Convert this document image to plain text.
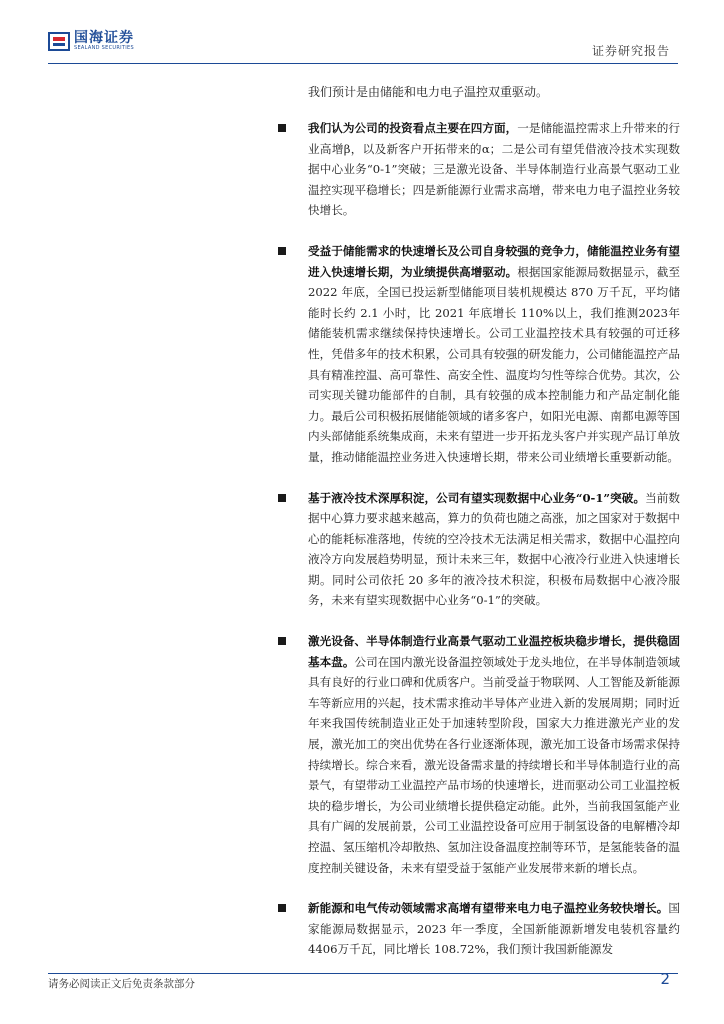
国海证券
SEALAND SECURITIES	证券研究报告
我们预计是由储能和电力电子温控双重驱动。
我们认为公司的投资看点主要在四方面，一是储能温控需求上升带来的行业高增β，以及新客户开拓带来的α；二是公司有望凭借液冷技术实现数据中心业务“0-1”突破；三是激光设备、半导体制造行业高景气驱动工业温控实现平稳增长；四是新能源行业需求高增，带来电力电子温控业务较快增长。
受益于储能需求的快速增长及公司自身较强的竞争力，储能温控业务有望进入快速增长期，为业绩提供高增驱动。根据国家能源局数据显示，截至 2022 年底，全国已投运新型储能项目装机规模达 870 万千瓦，平均储能时长约 2.1 小时，比 2021 年底增长 110%以上，我们推测2023年储能装机需求继续保持快速增长。公司工业温控技术具有较强的可迁移性，凭借多年的技术积累，公司具有较强的研发能力，公司储能温控产品具有精准控温、高可靠性、高安全性、温度均匀性等综合优势。其次，公司实现关键功能部件的自制，具有较强的成本控制能力和产品定制化能力。最后公司积极拓展储能领域的诸多客户，如阳光电源、南都电源等国内头部储能系统集成商，未来有望进一步开拓龙头客户并实现产品订单放量，推动储能温控业务进入快速增长期，带来公司业绩增长重要新动能。
基于液冷技术深厚积淀，公司有望实现数据中心业务“0-1”突破。当前数据中心算力要求越来越高，算力的负荷也随之高涨，加之国家对于数据中心的能耗标准落地，传统的空冷技术无法满足相关需求，数据中心温控向液冷方向发展趋势明显，预计未来三年，数据中心液冷行业进入快速增长期。同时公司依托 20 多年的液冷技术积淀，积极布局数据中心液冷服务，未来有望实现数据中心业务“0-1”的突破。
激光设备、半导体制造行业高景气驱动工业温控板块稳步增长，提供稳固基本盘。公司在国内激光设备温控领域处于龙头地位，在半导体制造领域具有良好的行业口碑和优质客户。当前受益于物联网、人工智能及新能源车等新应用的兴起，技术需求推动半导体产业进入新的发展周期；同时近年来我国传统制造业正处于加速转型阶段，国家大力推进激光产业的发展，激光加工的突出优势在各行业逐渐体现，激光加工设备市场需求保持持续增长。综合来看，激光设备需求量的持续增长和半导体制造行业的高景气，有望带动工业温控产品市场的快速增长，进而驱动公司工业温控板块的稳步增长，为公司业绩增长提供稳定动能。此外，当前我国氢能产业具有广阔的发展前景，公司工业温控设备可应用于制氢设备的电解槽冷却控温、氢压缩机冷却散热、氢加注设备温度控制等环节，是氢能装备的温度控制关键设备，未来有望受益于氢能产业发展带来新的增长点。
新能源和电气传动领域需求高增有望带来电力电子温控业务较快增长。国家能源局数据显示，2023 年一季度，全国新能源新增发电装机容量约4406万千瓦，同比增长 108.72%，我们预计我国新能源发
请务必阅读正文后免责条款部分	2
